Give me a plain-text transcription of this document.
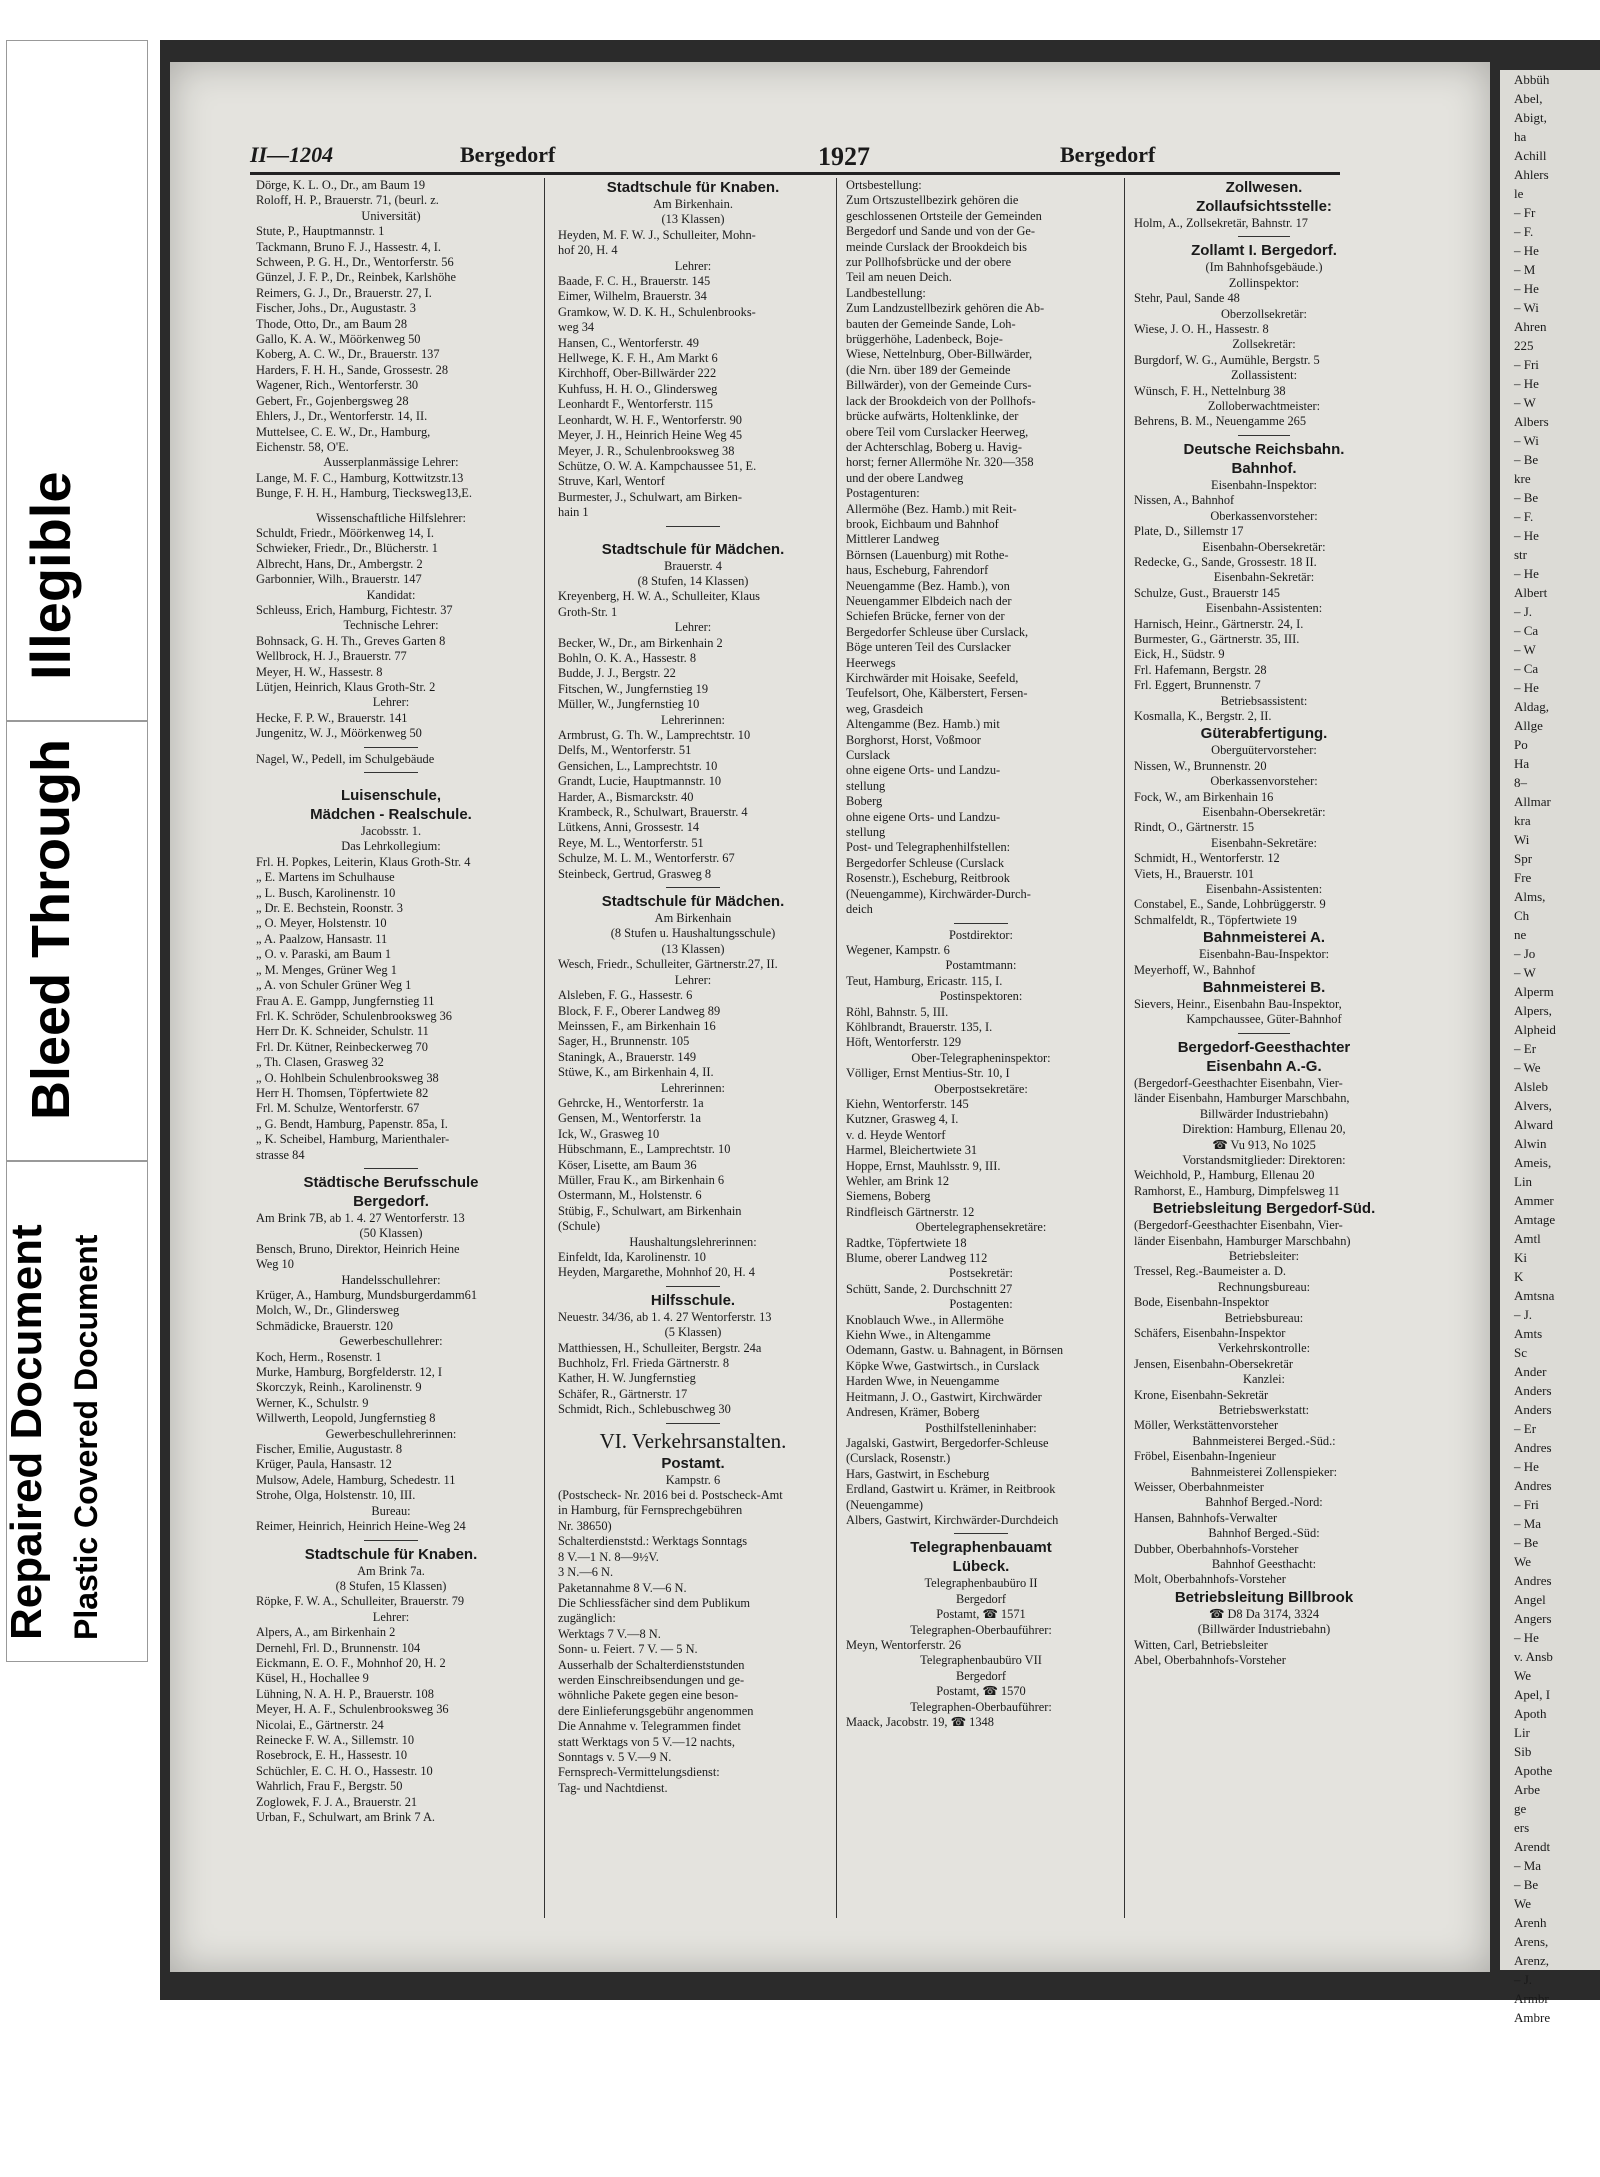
Illegible
Bleed Through
Repaired Document Plastic Covered Document
II—1204	Bergedorf	1927	Bergedorf
Dörge, K. L. O., Dr., am Baum 19
Roloff, H. P., Brauerstr. 71, (beurl. z.
Universität)
Stute, P., Hauptmannstr. 1
Tackmann, Bruno F. J., Hassestr. 4, I.
Schween, P. G. H., Dr., Wentorferstr. 56
Günzel, J. F. P., Dr., Reinbek, Karlshöhe
Reimers, G. J., Dr., Brauerstr. 27, I.
Fischer, Johs., Dr., Augustastr. 3
Thode, Otto, Dr., am Baum 28
Gallo, K. A. W., Möörkenweg 50
Koberg, A. C. W., Dr., Brauerstr. 137
Harders, F. H. H., Sande, Grossestr. 28
Wagener, Rich., Wentorferstr. 30
Gebert, Fr., Gojenbergsweg 28
Ehlers, J., Dr., Wentorferstr. 14, II.
Muttelsee, C. E. W., Dr., Hamburg,
Eichenstr. 58, O'E.
Ausserplanmässige Lehrer:
Lange, M. F. C., Hamburg, Kottwitzstr.13
Bunge, F. H. H., Hamburg, Tiecksweg13,E.
Wissenschaftliche Hilfslehrer:
Schuldt, Friedr., Möörkenweg 14, I.
Schwieker, Friedr., Dr., Blücherstr. 1
Albrecht, Hans, Dr., Ambergstr. 2
Garbonnier, Wilh., Brauerstr. 147
Kandidat:
Schleuss, Erich, Hamburg, Fichtestr. 37
Technische Lehrer:
Bohnsack, G. H. Th., Greves Garten 8
Wellbrock, H. J., Brauerstr. 77
Meyer, H. W., Hassestr. 8
Lütjen, Heinrich, Klaus Groth-Str. 2
Lehrer:
Hecke, F. P. W., Brauerstr. 141
Jungenitz, W. J., Möörkenweg 50
Nagel, W., Pedell, im Schulgebäude
Luisenschule,
Mädchen - Realschule.
Jacobsstr. 1.
Das Lehrkollegium:
Frl. H. Popkes, Leiterin, Klaus Groth-Str. 4
„ E. Martens im Schulhause
„ L. Busch, Karolinenstr. 10
„ Dr. E. Bechstein, Roonstr. 3
„ O. Meyer, Holstenstr. 10
„ A. Paalzow, Hansastr. 11
„ O. v. Paraski, am Baum 1
„ M. Menges, Grüner Weg 1
„ A. von Schuler Grüner Weg 1
Frau A. E. Gampp, Jungfernstieg 11
Frl. K. Schröder, Schulenbrooksweg 36
Herr Dr. K. Schneider, Schulstr. 11
Frl. Dr. Kütner, Reinbeckerweg 70
„ Th. Clasen, Grasweg 32
„ O. Hohlbein Schulenbrooksweg 38
Herr H. Thomsen, Töpfertwiete 82
Frl. M. Schulze, Wentorferstr. 67
„ G. Bendt, Hamburg, Papenstr. 85a, I.
„ K. Scheibel, Hamburg, Marienthaler-
strasse 84
Städtische Berufsschule
Bergedorf.
Am Brink 7B, ab 1. 4. 27 Wentorferstr. 13
(50 Klassen)
Bensch, Bruno, Direktor, Heinrich Heine
Weg 10
Handelsschullehrer:
Krüger, A., Hamburg, Mundsburgerdamm61
Molch, W., Dr., Glindersweg
Schmädicke, Brauerstr. 120
Gewerbeschullehrer:
Koch, Herm., Rosenstr. 1
Murke, Hamburg, Borgfelderstr. 12, I
Skorczyk, Reinh., Karolinenstr. 9
Werner, K., Schulstr. 9
Willwerth, Leopold, Jungfernstieg 8
Gewerbeschullehrerinnen:
Fischer, Emilie, Augustastr. 8
Krüger, Paula, Hansastr. 12
Mulsow, Adele, Hamburg, Schedestr. 11
Strohe, Olga, Holstenstr. 10, III.
Bureau:
Reimer, Heinrich, Heinrich Heine-Weg 24
Stadtschule für Knaben.
Am Brink 7a.
(8 Stufen, 15 Klassen)
Röpke, F. W. A., Schulleiter, Brauerstr. 79
Lehrer:
Alpers, A., am Birkenhain 2
Dernehl, Frl. D., Brunnenstr. 104
Eickmann, E. O. F., Mohnhof 20, H. 2
Küsel, H., Hochallee 9
Lühning, N. A. H. P., Brauerstr. 108
Meyer, H. A. F., Schulenbrooksweg 36
Nicolai, E., Gärtnerstr. 24
Reinecke F. W. A., Sillemstr. 10
Rosebrock, E. H., Hassestr. 10
Schüchler, E. C. H. O., Hassestr. 10
Wahrlich, Frau F., Bergstr. 50
Zoglowek, F. J. A., Brauerstr. 21
Urban, F., Schulwart, am Brink 7 A.
Stadtschule für Knaben.
Am Birkenhain.
(13 Klassen)
Heyden, M. F. W. J., Schulleiter, Mohn-
hof 20, H. 4
Lehrer:
Baade, F. C. H., Brauerstr. 145
Eimer, Wilhelm, Brauerstr. 34
Gramkow, W. D. K. H., Schulenbrooks-
weg 34
Hansen, C., Wentorferstr. 49
Hellwege, K. F. H., Am Markt 6
Kirchhoff, Ober-Billwärder 222
Kuhfuss, H. H. O., Glindersweg
Leonhardt F., Wentorferstr. 115
Leonhardt, W. H. F., Wentorferstr. 90
Meyer, J. H., Heinrich Heine Weg 45
Meyer, J. R., Schulenbrooksweg 38
Schütze, O. W. A. Kampchaussee 51, E.
Struve, Karl, Wentorf
Burmester, J., Schulwart, am Birken-
hain 1
Stadtschule für Mädchen.
Brauerstr. 4
(8 Stufen, 14 Klassen)
Kreyenberg, H. W. A., Schulleiter, Klaus
Groth-Str. 1
Lehrer:
Becker, W., Dr., am Birkenhain 2
Bohln, O. K. A., Hassestr. 8
Budde, J. J., Bergstr. 22
Fitschen, W., Jungfernstieg 19
Müller, W., Jungfernstieg 10
Lehrerinnen:
Armbrust, G. Th. W., Lamprechtstr. 10
Delfs, M., Wentorferstr. 51
Gensichen, L., Lamprechtstr. 10
Grandt, Lucie, Hauptmannstr. 10
Harder, A., Bismarckstr. 40
Krambeck, R., Schulwart, Brauerstr. 4
Lütkens, Anni, Grossestr. 14
Reye, M. L., Wentorferstr. 51
Schulze, M. L. M., Wentorferstr. 67
Steinbeck, Gertrud, Grasweg 8
Stadtschule für Mädchen.
Am Birkenhain
(8 Stufen u. Haushaltungsschule)
(13 Klassen)
Wesch, Friedr., Schulleiter, Gärtnerstr.27, II.
Lehrer:
Alsleben, F. G., Hassestr. 6
Block, F. F., Oberer Landweg 89
Meinssen, F., am Birkenhain 16
Sager, H., Brunnenstr. 105
Staningk, A., Brauerstr. 149
Stüwe, K., am Birkenhain 4, II.
Lehrerinnen:
Gehrcke, H., Wentorferstr. 1a
Gensen, M., Wentorferstr. 1a
Ick, W., Grasweg 10
Hübschmann, E., Lamprechtstr. 10
Köser, Lisette, am Baum 36
Müller, Frau K., am Birkenhain 6
Ostermann, M., Holstenstr. 6
Stübig, F., Schulwart, am Birkenhain
(Schule)
Haushaltungslehrerinnen:
Einfeldt, Ida, Karolinenstr. 10
Heyden, Margarethe, Mohnhof 20, H. 4
Hilfsschule.
Neuestr. 34/36, ab 1. 4. 27 Wentorferstr. 13
(5 Klassen)
Matthiessen, H., Schulleiter, Bergstr. 24a
Buchholz, Frl. Frieda Gärtnerstr. 8
Kather, H. W. Jungfernstieg
Schäfer, R., Gärtnerstr. 17
Schmidt, Rich., Schlebuschweg 30
VI. Verkehrsanstalten.
Postamt.
Kampstr. 6
(Postscheck- Nr. 2016 bei d. Postscheck-Amt
in Hamburg, für Fernsprechgebühren
Nr. 38650)
Schalterdienststd.: Werktags Sonntags
8 V.—1 N. 8—9½V.
3 N.—6 N.
Paketannahme 8 V.—6 N.
Die Schliessfächer sind dem Publikum
zugänglich:
Werktags 7 V.—8 N.
Sonn- u. Feiert. 7 V. — 5 N.
Ausserhalb der Schalterdienststunden
werden Einschreibsendungen und ge-
wöhnliche Pakete gegen eine beson-
dere Einlieferungsgebühr angenommen
Die Annahme v. Telegrammen findet
statt Werktags von 5 V.—12 nachts,
Sonntags v. 5 V.—9 N.
Fernsprech-Vermittelungsdienst:
Tag- und Nachtdienst.
Ortsbestellung:
Zum Ortszustellbezirk gehören die
geschlossenen Ortsteile der Gemeinden
Bergedorf und Sande und von der Ge-
meinde Curslack der Brookdeich bis
zur Pollhofsbrücke und der obere
Teil am neuen Deich.
Landbestellung:
Zum Landzustellbezirk gehören die Ab-
bauten der Gemeinde Sande, Loh-
brüggerhöhe, Ladenbeck, Boje-
Wiese, Nettelnburg, Ober-Billwärder,
(die Nrn. über 189 der Gemeinde
Billwärder), von der Gemeinde Curs-
lack der Brookdeich von der Pollhofs-
brücke aufwärts, Holtenklinke, der
obere Teil vom Curslacker Heerweg,
der Achterschlag, Boberg u. Havig-
horst; ferner Allermöhe Nr. 320—358
und der obere Landweg
Postagenturen:
Allermöhe (Bez. Hamb.) mit Reit-
brook, Eichbaum und Bahnhof
Mittlerer Landweg
Börnsen (Lauenburg) mit Rothe-
haus, Escheburg, Fahrendorf
Neuengamme (Bez. Hamb.), von
Neuengammer Elbdeich nach der
Schiefen Brücke, ferner von der
Bergedorfer Schleuse über Curslack,
Böge unteren Teil des Curslacker
Heerwegs
Kirchwärder mit Hoisake, Seefeld,
Teufelsort, Ohe, Kälberstert, Fersen-
weg, Grasdeich
Altengamme (Bez. Hamb.) mit
Borghorst, Horst, Voßmoor
Curslack
ohne eigene Orts- und Landzu-
stellung
Boberg
ohne eigene Orts- und Landzu-
stellung
Post- und Telegraphenhilfstellen:
Bergedorfer Schleuse (Curslack
Rosenstr.), Escheburg, Reitbrook
(Neuengamme), Kirchwärder-Durch-
deich
Postdirektor:
Wegener, Kampstr. 6
Postamtmann:
Teut, Hamburg, Ericastr. 115, I.
Postinspektoren:
Röhl, Bahnstr. 5, III.
Köhlbrandt, Brauerstr. 135, I.
Höft, Wentorferstr. 129
Ober-Telegrapheninspektor:
Völliger, Ernst Mentius-Str. 10, I
Oberpostsekretäre:
Kiehn, Wentorferstr. 145
Kutzner, Grasweg 4, I.
v. d. Heyde Wentorf
Harmel, Bleichertwiete 31
Hoppe, Ernst, Mauhlsstr. 9, III.
Wehler, am Brink 12
Siemens, Boberg
Rindfleisch Gärtnerstr. 12
Obertelegraphensekretäre:
Radtke, Töpfertwiete 18
Blume, oberer Landweg 112
Postsekretär:
Schütt, Sande, 2. Durchschnitt 27
Postagenten:
Knoblauch Wwe., in Allermöhe
Kiehn Wwe., in Altengamme
Odemann, Gastw. u. Bahnagent, in Börnsen
Köpke Wwe, Gastwirtsch., in Curslack
Harden Wwe, in Neuengamme
Heitmann, J. O., Gastwirt, Kirchwärder
Andresen, Krämer, Boberg
Posthilfstelleninhaber:
Jagalski, Gastwirt, Bergedorfer-Schleuse
(Curslack, Rosenstr.)
Hars, Gastwirt, in Escheburg
Erdland, Gastwirt u. Krämer, in Reitbrook
(Neuengamme)
Albers, Gastwirt, Kirchwärder-Durchdeich
Telegraphenbauamt
Lübeck.
Telegraphenbaubüro II
Bergedorf
Postamt, ☎ 1571
Telegraphen-Oberbauführer:
Meyn, Wentorferstr. 26
Telegraphenbaubüro VII
Bergedorf
Postamt, ☎ 1570
Telegraphen-Oberbauführer:
Maack, Jacobstr. 19, ☎ 1348
Zollwesen.
Zollaufsichtsstelle:
Holm, A., Zollsekretär, Bahnstr. 17
Zollamt I. Bergedorf.
(Im Bahnhofsgebäude.)
Zollinspektor:
Stehr, Paul, Sande 48
Oberzollsekretär:
Wiese, J. O. H., Hassestr. 8
Zollsekretär:
Burgdorf, W. G., Aumühle, Bergstr. 5
Zollassistent:
Wünsch, F. H., Nettelnburg 38
Zolloberwachtmeister:
Behrens, B. M., Neuengamme 265
Deutsche Reichsbahn.
Bahnhof.
Eisenbahn-Inspektor:
Nissen, A., Bahnhof
Oberkassenvorsteher:
Plate, D., Sillemstr 17
Eisenbahn-Obersekretär:
Redecke, G., Sande, Grossestr. 18 II.
Eisenbahn-Sekretär:
Schulze, Gust., Brauerstr 145
Eisenbahn-Assistenten:
Harnisch, Heinr., Gärtnerstr. 24, I.
Burmester, G., Gärtnerstr. 35, III.
Eick, H., Südstr. 9
Frl. Hafemann, Bergstr. 28
Frl. Eggert, Brunnenstr. 7
Betriebsassistent:
Kosmalla, K., Bergstr. 2, II.
Güterabfertigung.
Oberguütervorsteher:
Nissen, W., Brunnenstr. 20
Oberkassenvorsteher:
Fock, W., am Birkenhain 16
Eisenbahn-Obersekretär:
Rindt, O., Gärtnerstr. 15
Eisenbahn-Sekretäre:
Schmidt, H., Wentorferstr. 12
Viets, H., Brauerstr. 101
Eisenbahn-Assistenten:
Constabel, E., Sande, Lohbrüggerstr. 9
Schmalfeldt, R., Töpfertwiete 19
Bahnmeisterei A.
Eisenbahn-Bau-Inspektor:
Meyerhoff, W., Bahnhof
Bahnmeisterei B.
Sievers, Heinr., Eisenbahn Bau-Inspektor,
Kampchaussee, Güter-Bahnhof
Bergedorf-Geesthachter
Eisenbahn A.-G.
(Bergedorf-Geesthachter Eisenbahn, Vier-
länder Eisenbahn, Hamburger Marschbahn,
Billwärder Industriebahn)
Direktion: Hamburg, Ellenau 20,
☎ Vu 913, No 1025
Vorstandsmitglieder: Direktoren:
Weichhold, P., Hamburg, Ellenau 20
Ramhorst, E., Hamburg, Dimpfelsweg 11
Betriebsleitung Bergedorf-Süd.
(Bergedorf-Geesthachter Eisenbahn, Vier-
länder Eisenbahn, Hamburger Marschbahn)
Betriebsleiter:
Tressel, Reg.-Baumeister a. D.
Rechnungsbureau:
Bode, Eisenbahn-Inspektor
Betriebsbureau:
Schäfers, Eisenbahn-Inspektor
Verkehrskontrolle:
Jensen, Eisenbahn-Obersekretär
Kanzlei:
Krone, Eisenbahn-Sekretär
Betriebswerkstatt:
Möller, Werkstättenvorsteher
Bahnmeisterei Berged.-Süd.:
Fröbel, Eisenbahn-Ingenieur
Bahnmeisterei Zollenspieker:
Weisser, Oberbahnmeister
Bahnhof Berged.-Nord:
Hansen, Bahnhofs-Verwalter
Bahnhof Berged.-Süd:
Dubber, Oberbahnhofs-Vorsteher
Bahnhof Geesthacht:
Molt, Oberbahnhofs-Vorsteher
Betriebsleitung Billbrook
☎ D8 Da 3174, 3324
(Billwärder Industriebahn)
Witten, Carl, Betriebsleiter
Abel, Oberbahnhofs-Vorsteher
Abbüh
Abel,
Abigt,
ha
Achill
Ahlers
le
– Fr
– F.
– He
– M
– He
– Wi
Ahren
225
– Fri
– He
– W
Albers
– Wi
– Be
kre
– Be
– F.
– He
str
– He
Albert
– J.
– Ca
– W
– Ca
– He
Aldag,
Allge
Po
Ha
8–
Allmar
kra
Wi
Spr
Fre
Alms,
Ch
ne
– Jo
– W
Alperm
Alpers,
Alpheid
– Er
– We
Alsleb
Alvers,
Alward
Alwin
Ameis,
Lin
Ammer
Amtage
Amtl
Ki
K
Amtsna
– J.
Amts
Sc
Ander
Anders
Anders
– Er
Andres
– He
Andres
– Fri
– Ma
– Be
We
Andres
Angel
Angers
– He
v. Ansb
We
Apel, I
Apoth
Lir
Sib
Apothe
Arbe
ge
ers
Arendt
– Ma
– Be
We
Arenh
Arens,
Arenz,
– J.
Armbr
Ambre
